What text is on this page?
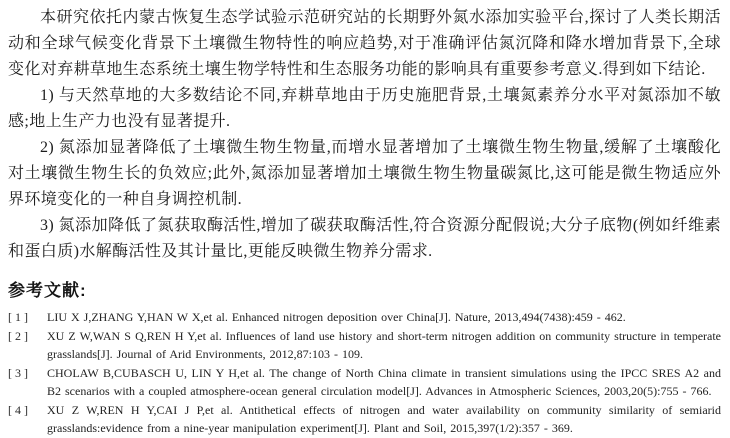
本研究依托内蒙古恢复生态学试验示范研究站的长期野外氮水添加实验平台,探讨了人类长期活动和全球气候变化背景下土壤微生物特性的响应趋势,对于准确评估氮沉降和降水增加背景下,全球变化对弃耕草地生态系统土壤生物学特性和生态服务功能的影响具有重要参考意义.得到如下结论.

1) 与天然草地的大多数结论不同,弃耕草地由于历史施肥背景,土壤氮素养分水平对氮添加不敏感;地上生产力也没有显著提升.

2) 氮添加显著降低了土壤微生物生物量,而增水显著增加了土壤微生物生物量,缓解了土壤酸化对土壤微生物生长的负效应;此外,氮添加显著增加土壤微生物生物量碳氮比,这可能是微生物适应外界环境变化的一种自身调控机制.

3) 氮添加降低了氮获取酶活性,增加了碳获取酶活性,符合资源分配假说;大分子底物(例如纤维素和蛋白质)水解酶活性及其计量比,更能反映微生物养分需求.

参考文献:
[ 1 ]	LIU X J,ZHANG Y,HAN W X,et al. Enhanced nitrogen deposition over China[J]. Nature, 2013,494(7438):459 - 462.
[ 2 ]	XU Z W,WAN S Q,REN H Y,et al. Influences of land use history and short-term nitrogen addition on community structure in temperate grasslands[J]. Journal of Arid Environments, 2012,87:103 - 109.
[ 3 ]	CHOLAW B,CUBASCH U, LIN Y H,et al. The change of North China climate in transient simulations using the IPCC SRES A2 and B2 scenarios with a coupled atmosphere-ocean general circulation model[J]. Advances in Atmospheric Sciences, 2003,20(5):755 - 766.
[ 4 ]	XU Z W,REN H Y,CAI J P,et al. Antithetical effects of nitrogen and water availability on community similarity of semiarid grasslands:evidence from a nine-year manipulation experiment[J]. Plant and Soil, 2015,397(1/2):357 - 369.
